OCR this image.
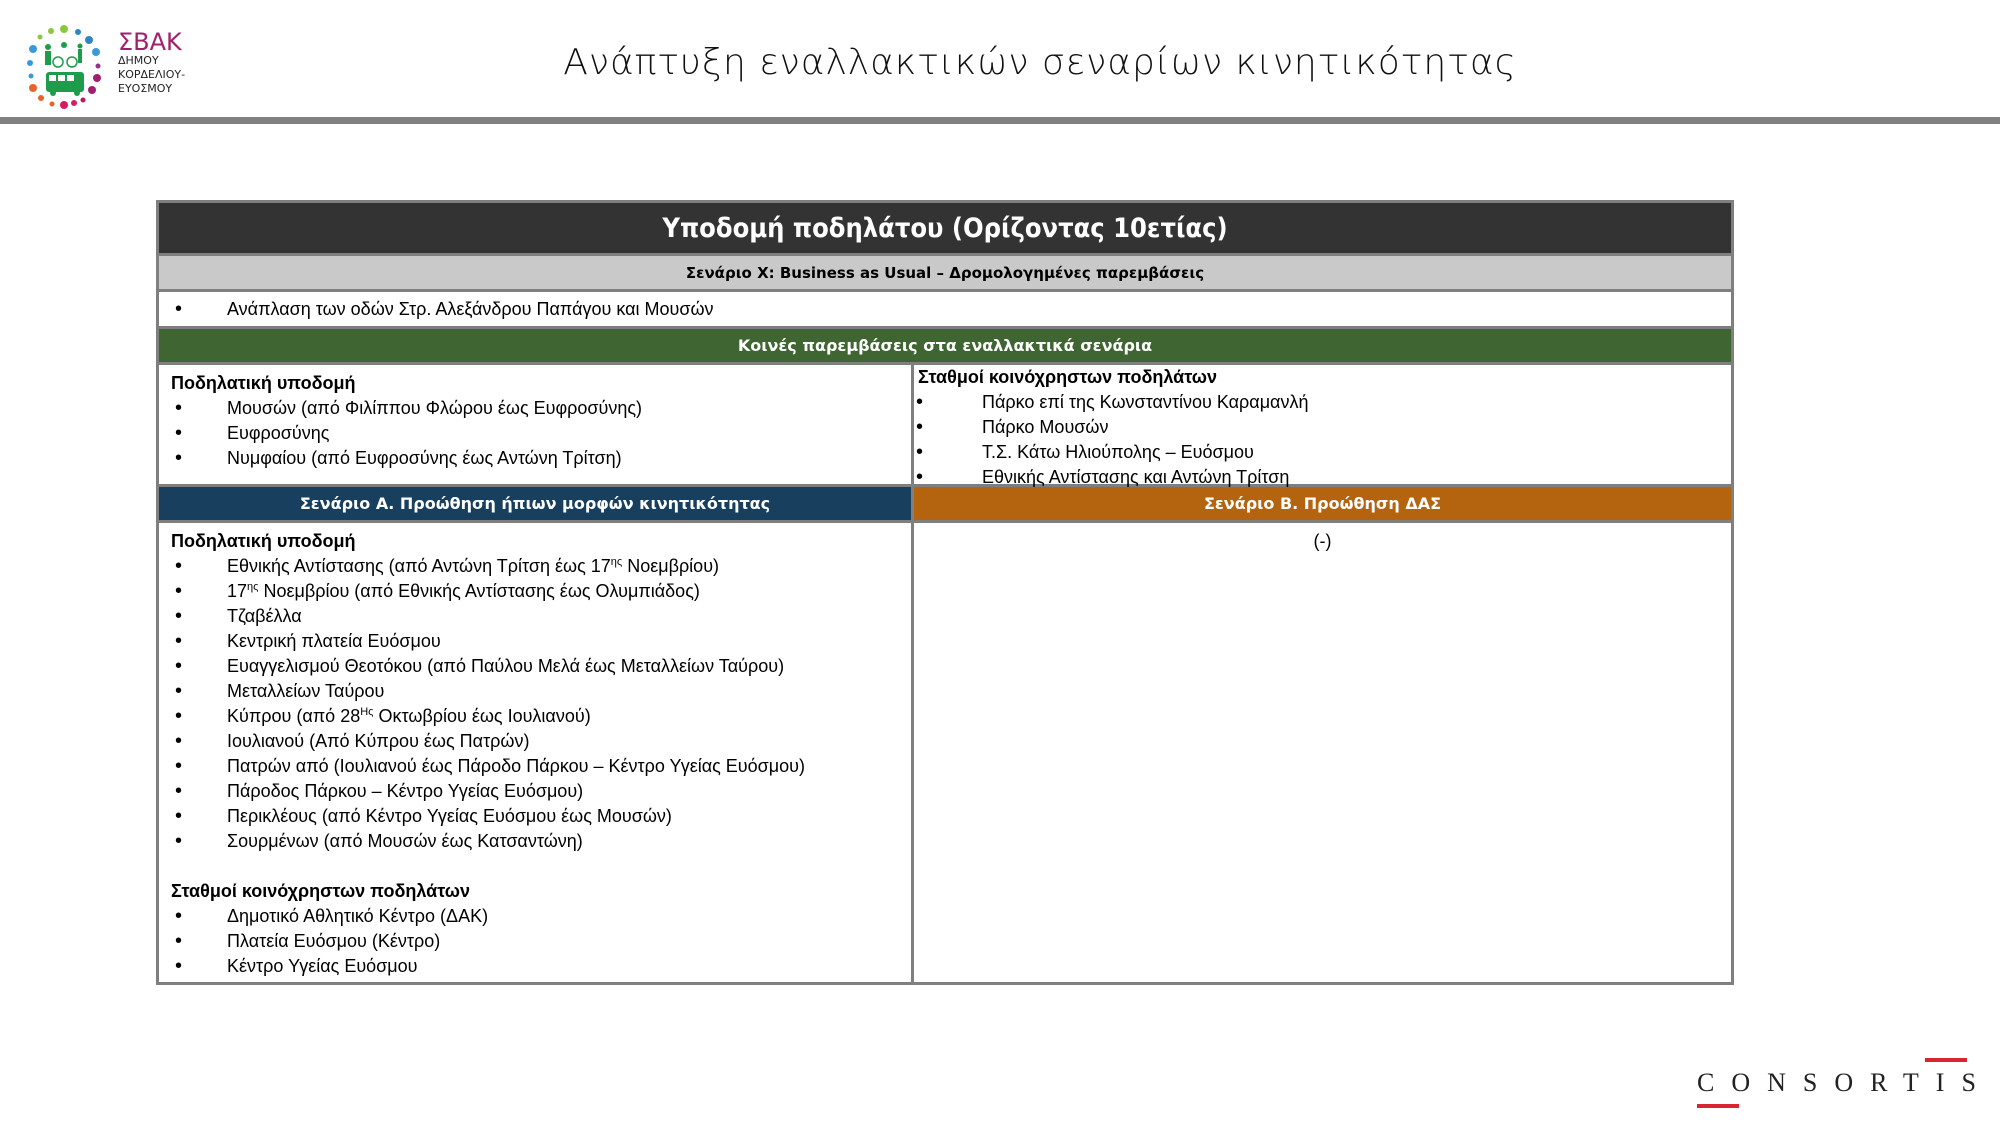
ΣΒΑΚ
ΔΗΜΟΥ
ΚΟΡΔΕΛΙΟΥ-
ΕΥΟΣΜΟΥ
Ανάπτυξη εναλλακτικών σεναρίων κινητικότητας
Υποδομή ποδηλάτου (Ορίζοντας 10ετίας)
Σενάριο Χ: Business as Usual – Δρομολογημένες παρεμβάσεις
• Ανάπλαση των οδών Στρ. Αλεξάνδρου Παπάγου και Μουσών
Κοινές παρεμβάσεις στα εναλλακτικά σενάρια
Ποδηλατική υποδομή
• Μουσών (από Φιλίππου Φλώρου έως Ευφροσύνης)
• Ευφροσύνης
• Νυμφαίου (από Ευφροσύνης έως Αντώνη Τρίτση)
Σταθμοί κοινόχρηστων ποδηλάτων
• Πάρκο επί της Κωνσταντίνου Καραμανλή
• Πάρκο Μουσών
• Τ.Σ. Κάτω Ηλιούπολης – Ευόσμου
• Εθνικής Αντίστασης και Αντώνη Τρίτση
Σενάριο Α. Προώθηση ήπιων μορφών κινητικότητας	Σενάριο Β. Προώθηση ΔΑΣ
Ποδηλατική υποδομή
• Εθνικής Αντίστασης (από Αντώνη Τρίτση έως $17^{\eta\varsigma}$ Νοεμβρίου)
• $17^{\eta\varsigma}$ Νοεμβρίου (από Εθνικής Αντίστασης έως Ολυμπιάδος)
• Τζαβέλλα
• Κεντρική πλατεία Ευόσμου
• Ευαγγελισμού Θεοτόκου (από Παύλου Μελά έως Μεταλλείων Ταύρου)
• Μεταλλείων Ταύρου
• Κύπρου (από $28^{H\varsigma}$ Οκτωβρίου έως Ιουλιανού)
• Ιουλιανού (Από Κύπρου έως Πατρών)
• Πατρών από (Ιουλιανού έως Πάροδο Πάρκου – Κέντρο Υγείας Ευόσμου)
• Πάροδος Πάρκου – Κέντρο Υγείας Ευόσμου)
• Περικλέους (από Κέντρο Υγείας Ευόσμου έως Μουσών)
• Σουρμένων (από Μουσών έως Κατσαντώνη)
Σταθμοί κοινόχρηστων ποδηλάτων
• Δημοτικό Αθλητικό Κέντρο (ΔΑΚ)
• Πλατεία Ευόσμου (Κέντρο)
• Κέντρο Υγείας Ευόσμου
(-)
CONSORTIS
